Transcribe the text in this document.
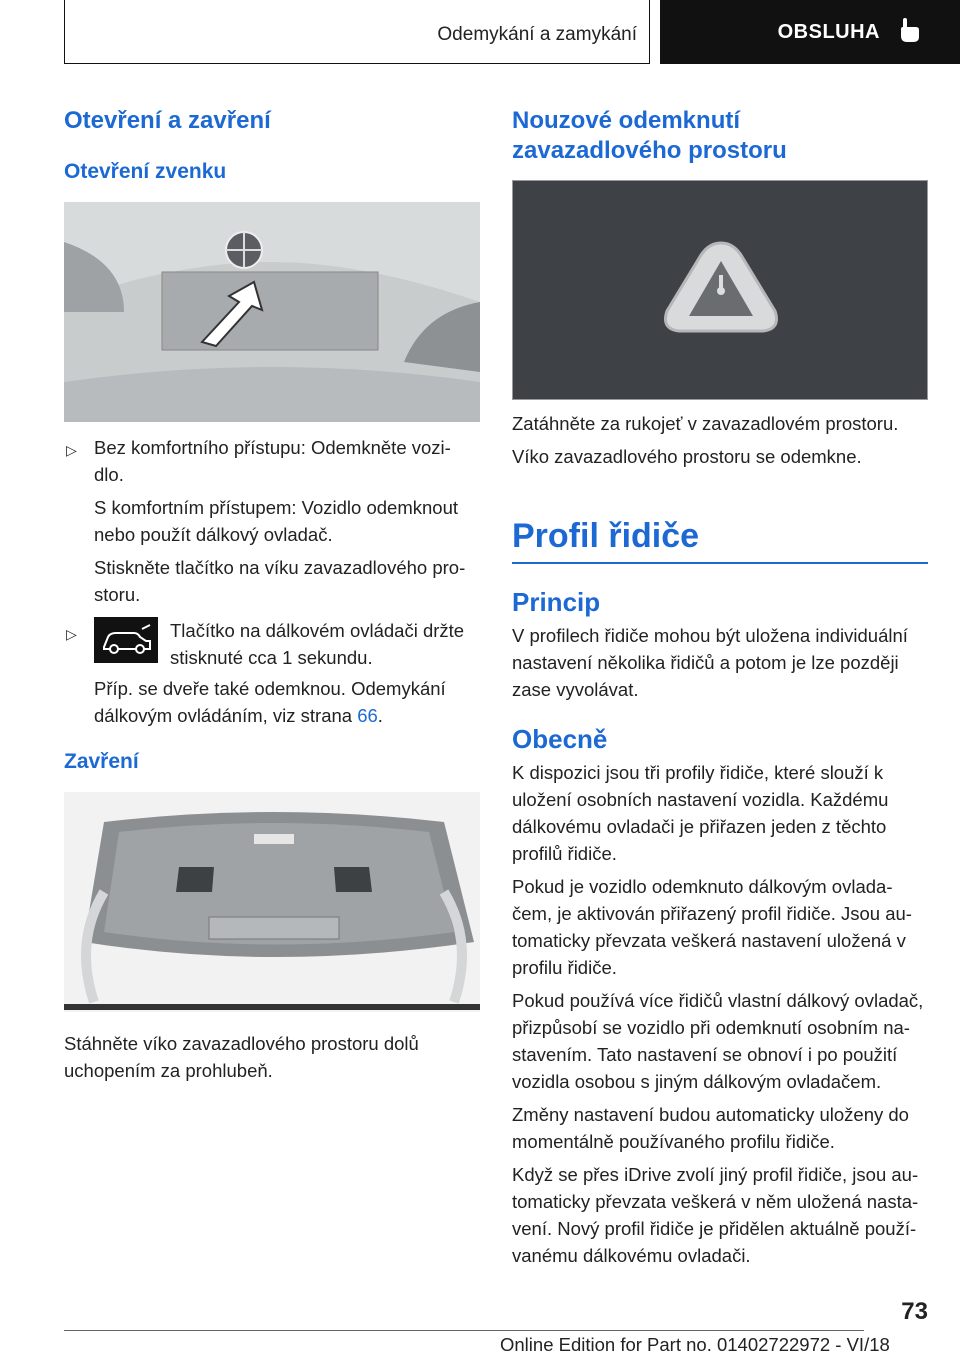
Odemykání a zamykání	OBSLUHA
Otevření a zavření
Otevření zvenku
▷ Bez komfortního přístupu: Odemkněte vozi-
dlo.
S komfortním přístupem: Vozidlo odemknout
nebo použít dálkový ovladač.
Stiskněte tlačítko na víku zavazadlového pro-
storu.
▷	Tlačítko na dálkovém ovládači držte
stisknuté cca 1 sekundu.
Příp. se dveře také odemknou. Odemykání
dálkovým ovládáním, viz strana 66.
Zavření
Stáhněte víko zavazadlového prostoru dolů
uchopením za prohlubeň.
Nouzové odemknutí
zavazadlového prostoru
Zatáhněte za rukojeť v zavazadlovém prostoru.
Víko zavazadlového prostoru se odemkne.
Profil řidiče
Princip
V profilech řidiče mohou být uložena individuální
nastavení několika řidičů a potom je lze později
zase vyvolávat.
Obecně
K dispozici jsou tři profily řidiče, které slouží k
uložení osobních nastavení vozidla. Každému
dálkovému ovladači je přiřazen jeden z těchto
profilů řidiče.
Pokud je vozidlo odemknuto dálkovým ovlada-
čem, je aktivován přiřazený profil řidiče. Jsou au-
tomaticky převzata veškerá nastavení uložená v
profilu řidiče.
Pokud používá více řidičů vlastní dálkový ovladač,
přizpůsobí se vozidlo při odemknutí osobním na-
stavením. Tato nastavení se obnoví i po použití
vozidla osobou s jiným dálkovým ovladačem.
Změny nastavení budou automaticky uloženy do
momentálně používaného profilu řidiče.
Když se přes iDrive zvolí jiný profil řidiče, jsou au-
tomaticky převzata veškerá v něm uložená nasta-
vení. Nový profil řidiče je přidělen aktuálně použí-
vanému dálkovému ovladači.
73
Online Edition for Part no. 01402722972 - VI/18
